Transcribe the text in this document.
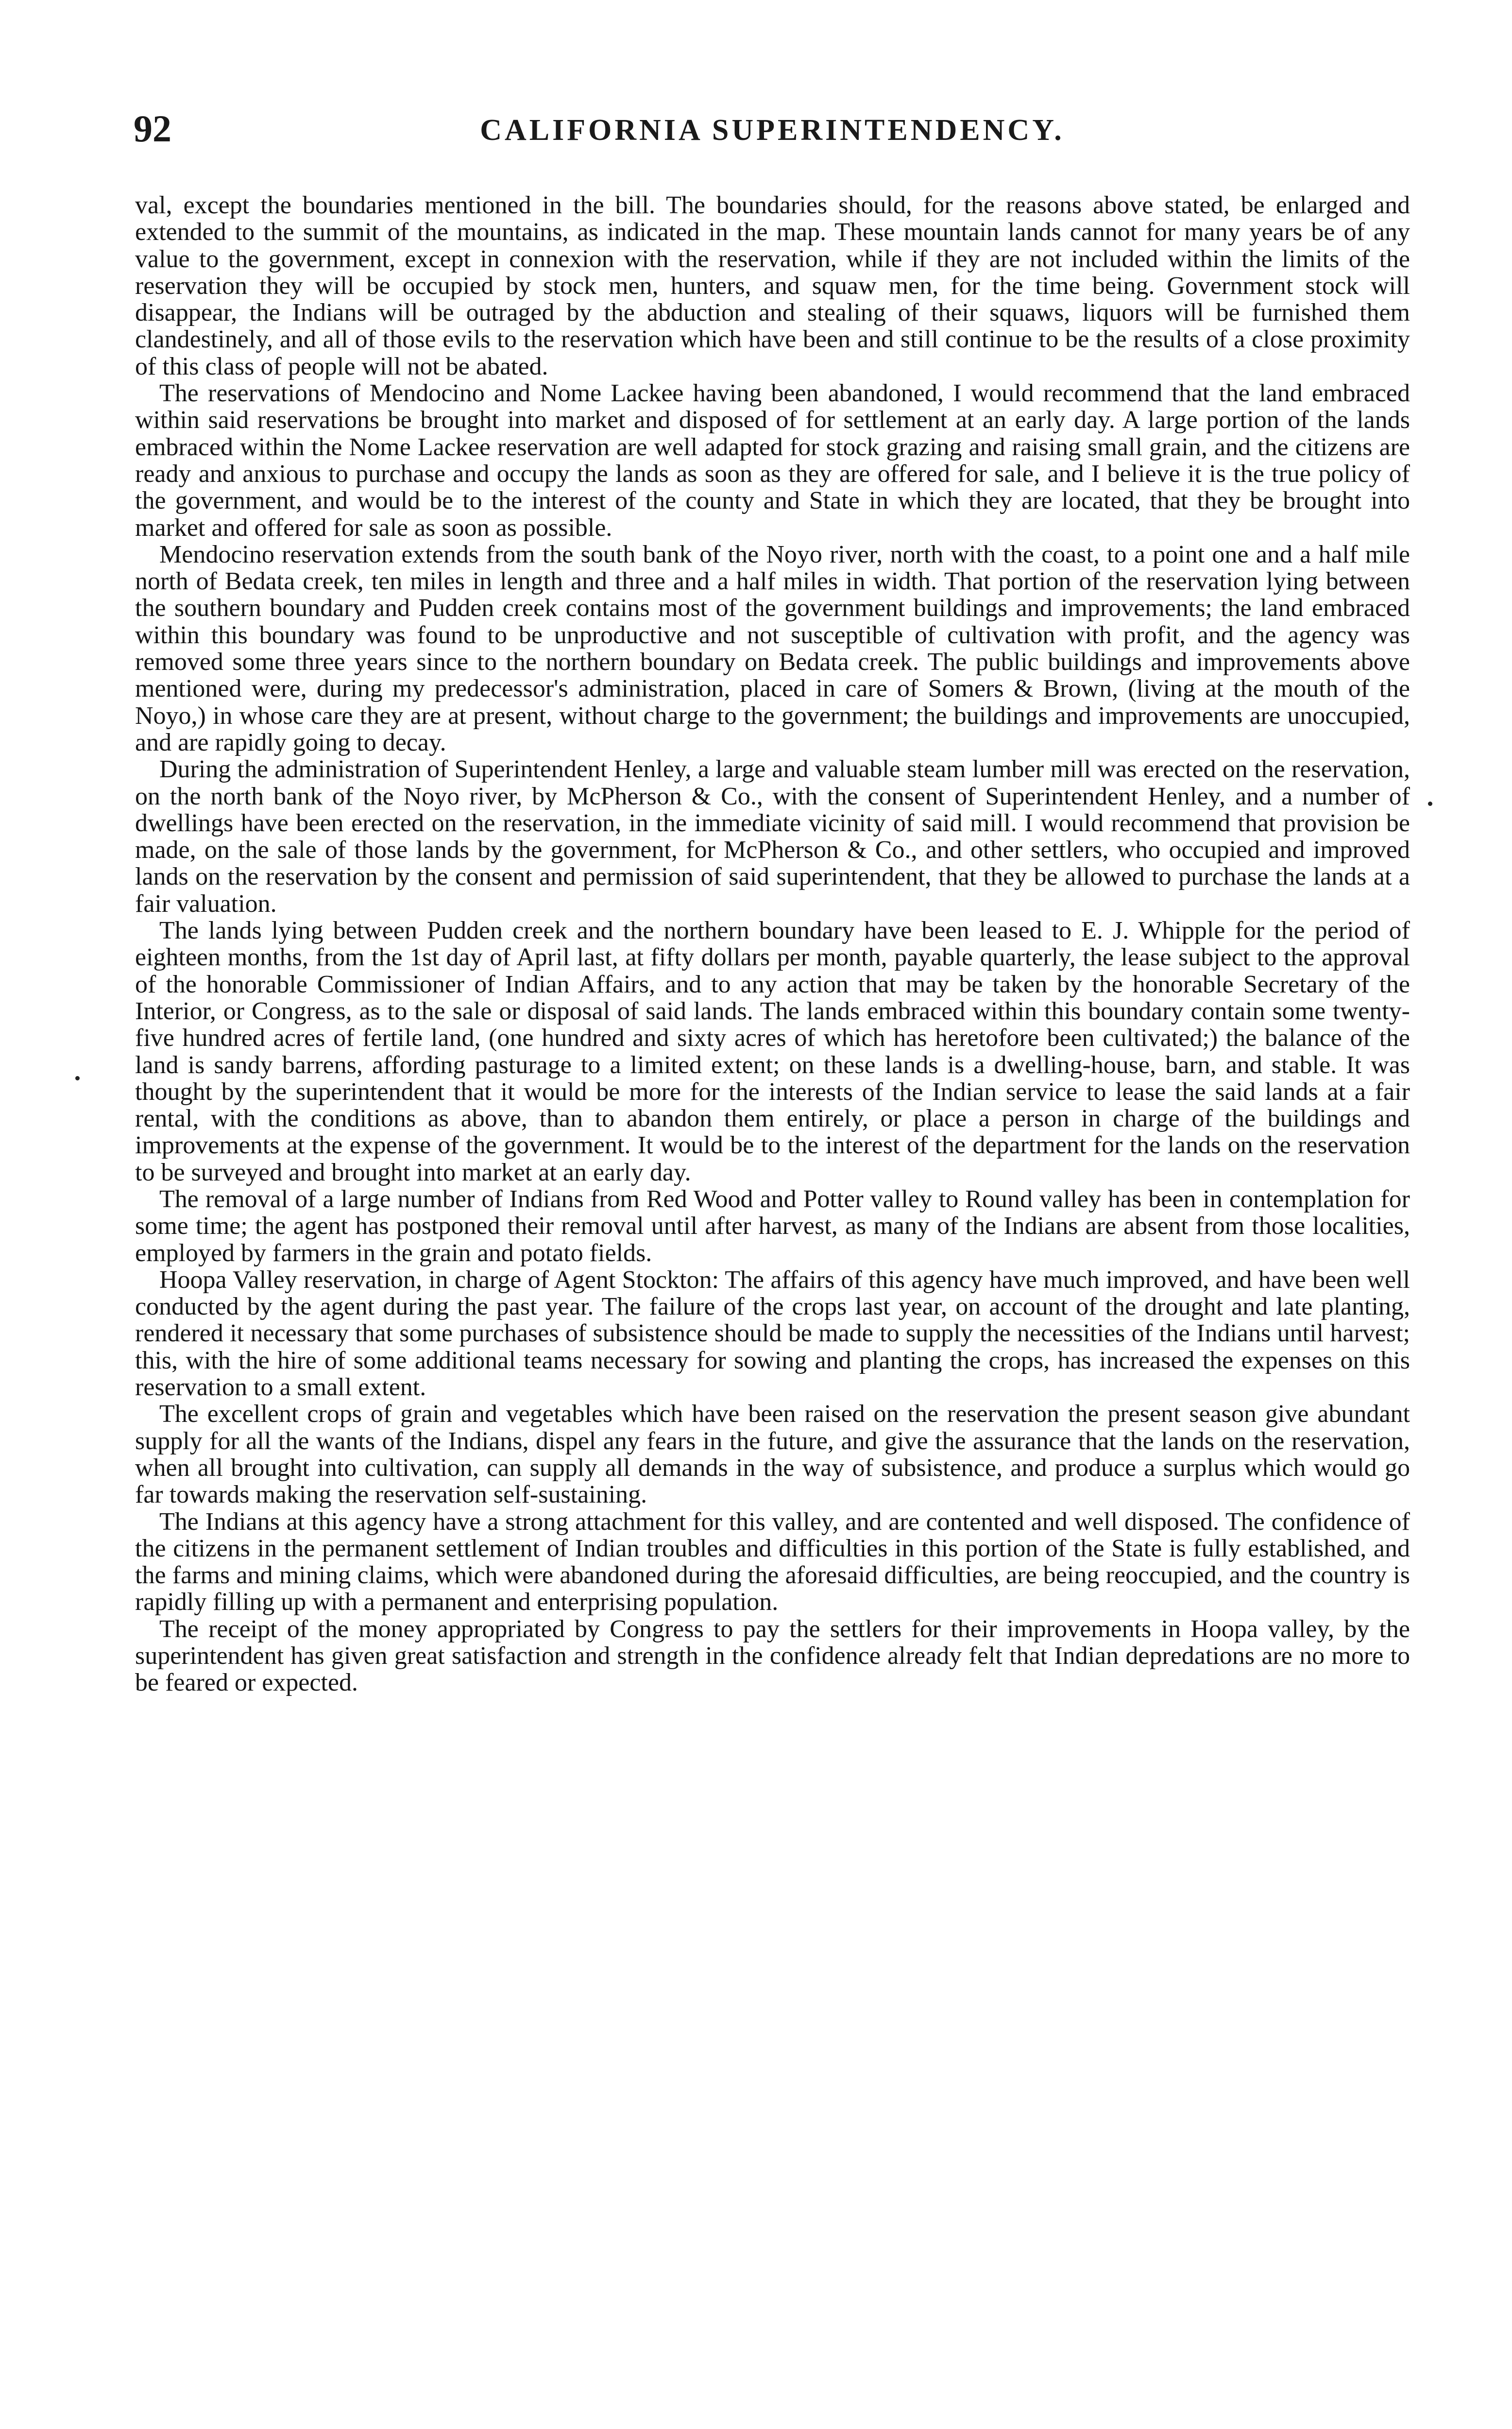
92	CALIFORNIA SUPERINTENDENCY.

val, except the boundaries mentioned in the bill. The boundaries should, for the reasons above stated, be enlarged and extended to the summit of the mountains, as indicated in the map. These mountain lands cannot for many years be of any value to the government, except in connexion with the reservation, while if they are not included within the limits of the reservation they will be occupied by stock men, hunters, and squaw men, for the time being. Government stock will disappear, the Indians will be outraged by the abduction and stealing of their squaws, liquors will be furnished them clandestinely, and all of those evils to the reservation which have been and still continue to be the results of a close proximity of this class of people will not be abated.

The reservations of Mendocino and Nome Lackee having been abandoned, I would recommend that the land embraced within said reservations be brought into market and disposed of for settlement at an early day. A large portion of the lands embraced within the Nome Lackee reservation are well adapted for stock grazing and raising small grain, and the citizens are ready and anxious to purchase and occupy the lands as soon as they are offered for sale, and I believe it is the true policy of the government, and would be to the interest of the county and State in which they are located, that they be brought into market and offered for sale as soon as possible.

Mendocino reservation extends from the south bank of the Noyo river, north with the coast, to a point one and a half mile north of Bedata creek, ten miles in length and three and a half miles in width. That portion of the reservation lying between the southern boundary and Pudden creek contains most of the government buildings and improvements; the land embraced within this boundary was found to be unproductive and not susceptible of cultivation with profit, and the agency was removed some three years since to the northern boundary on Bedata creek. The public buildings and improvements above mentioned were, during my predecessor's administration, placed in care of Somers & Brown, (living at the mouth of the Noyo,) in whose care they are at present, without charge to the government; the buildings and improvements are unoccupied, and are rapidly going to decay.

During the administration of Superintendent Henley, a large and valuable steam lumber mill was erected on the reservation, on the north bank of the Noyo river, by McPherson & Co., with the consent of Superintendent Henley, and a number of dwellings have been erected on the reservation, in the immediate vicinity of said mill. I would recommend that provision be made, on the sale of those lands by the government, for McPherson & Co., and other settlers, who occupied and improved lands on the reservation by the consent and permission of said superintendent, that they be allowed to purchase the lands at a fair valuation.

The lands lying between Pudden creek and the northern boundary have been leased to E. J. Whipple for the period of eighteen months, from the 1st day of April last, at fifty dollars per month, payable quarterly, the lease subject to the approval of the honorable Commissioner of Indian Affairs, and to any action that may be taken by the honorable Secretary of the Interior, or Congress, as to the sale or disposal of said lands. The lands embraced within this boundary contain some twenty-five hundred acres of fertile land, (one hundred and sixty acres of which has heretofore been cultivated;) the balance of the land is sandy barrens, affording pasturage to a limited extent; on these lands is a dwelling-house, barn, and stable. It was thought by the superintendent that it would be more for the interests of the Indian service to lease the said lands at a fair rental, with the conditions as above, than to abandon them entirely, or place a person in charge of the buildings and improvements at the expense of the government. It would be to the interest of the department for the lands on the reservation to be surveyed and brought into market at an early day.

The removal of a large number of Indians from Red Wood and Potter valley to Round valley has been in contemplation for some time; the agent has postponed their removal until after harvest, as many of the Indians are absent from those localities, employed by farmers in the grain and potato fields.

Hoopa Valley reservation, in charge of Agent Stockton: The affairs of this agency have much improved, and have been well conducted by the agent during the past year. The failure of the crops last year, on account of the drought and late planting, rendered it necessary that some purchases of subsistence should be made to supply the necessities of the Indians until harvest; this, with the hire of some additional teams necessary for sowing and planting the crops, has increased the expenses on this reservation to a small extent.

The excellent crops of grain and vegetables which have been raised on the reservation the present season give abundant supply for all the wants of the Indians, dispel any fears in the future, and give the assurance that the lands on the reservation, when all brought into cultivation, can supply all demands in the way of subsistence, and produce a surplus which would go far towards making the reservation self-sustaining.

The Indians at this agency have a strong attachment for this valley, and are contented and well disposed. The confidence of the citizens in the permanent settlement of Indian troubles and difficulties in this portion of the State is fully established, and the farms and mining claims, which were abandoned during the aforesaid difficulties, are being reoccupied, and the country is rapidly filling up with a permanent and enterprising population.

The receipt of the money appropriated by Congress to pay the settlers for their improvements in Hoopa valley, by the superintendent has given great satisfaction and strength in the confidence already felt that Indian depredations are no more to be feared or expected.
